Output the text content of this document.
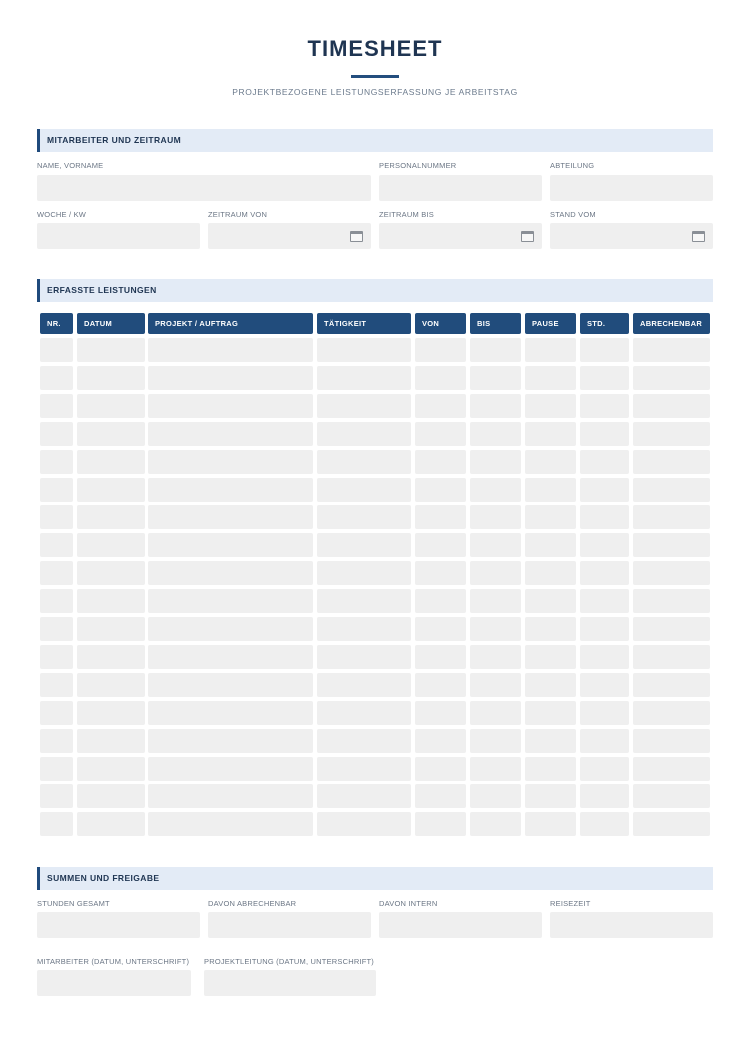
TIMESHEET
PROJEKTBEZOGENE LEISTUNGSERFASSUNG JE ARBEITSTAG
MITARBEITER UND ZEITRAUM
NAME, VORNAME	PERSONALNUMMER	ABTEILUNG
WOCHE / KW	ZEITRAUM VON	ZEITRAUM BIS	STAND VOM
ERFASSTE LEISTUNGEN
NR.	DATUM	PROJEKT / AUFTRAG	TÄTIGKEIT	VON	BIS	PAUSE	STD.	ABRECHENBAR
SUMMEN UND FREIGABE
STUNDEN GESAMT	DAVON ABRECHENBAR	DAVON INTERN	REISEZEIT
MITARBEITER (DATUM, UNTERSCHRIFT) PROJEKTLEITUNG (DATUM, UNTERSCHRIFT)
